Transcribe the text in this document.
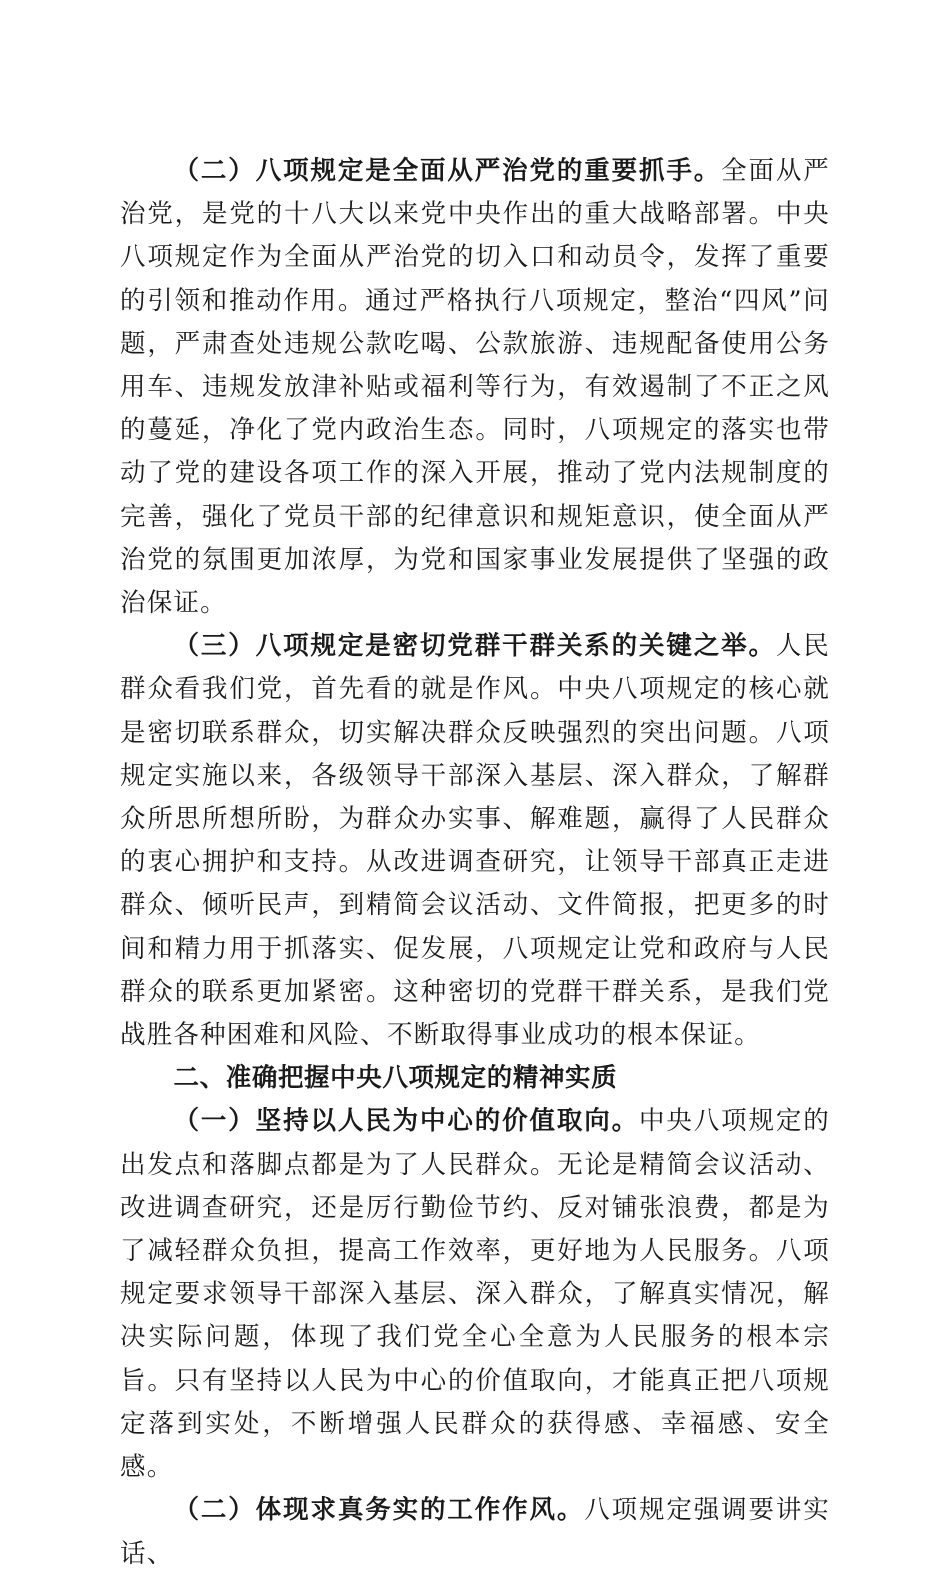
（二）八项规定是全面从严治党的重要抓手。全面从严治党，是党的十八大以来党中央作出的重大战略部署。中央八项规定作为全面从严治党的切入口和动员令，发挥了重要的引领和推动作用。通过严格执行八项规定，整治“四风”问题，严肃查处违规公款吃喝、公款旅游、违规配备使用公务用车、违规发放津补贴或福利等行为，有效遏制了不正之风的蔓延，净化了党内政治生态。同时，八项规定的落实也带动了党的建设各项工作的深入开展，推动了党内法规制度的完善，强化了党员干部的纪律意识和规矩意识，使全面从严治党的氛围更加浓厚，为党和国家事业发展提供了坚强的政治保证。

（三）八项规定是密切党群干群关系的关键之举。人民群众看我们党，首先看的就是作风。中央八项规定的核心就是密切联系群众，切实解决群众反映强烈的突出问题。八项规定实施以来，各级领导干部深入基层、深入群众，了解群众所思所想所盼，为群众办实事、解难题，赢得了人民群众的衷心拥护和支持。从改进调查研究，让领导干部真正走进群众、倾听民声，到精简会议活动、文件简报，把更多的时间和精力用于抓落实、促发展，八项规定让党和政府与人民群众的联系更加紧密。这种密切的党群干群关系，是我们党战胜各种困难和风险、不断取得事业成功的根本保证。

二、准确把握中央八项规定的精神实质

（一）坚持以人民为中心的价值取向。中央八项规定的出发点和落脚点都是为了人民群众。无论是精简会议活动、改进调查研究，还是厉行勤俭节约、反对铺张浪费，都是为了减轻群众负担，提高工作效率，更好地为人民服务。八项规定要求领导干部深入基层、深入群众，了解真实情况，解决实际问题，体现了我们党全心全意为人民服务的根本宗旨。只有坚持以人民为中心的价值取向，才能真正把八项规定落到实处，不断增强人民群众的获得感、幸福感、安全感。

（二）体现求真务实的工作作风。八项规定强调要讲实话、
